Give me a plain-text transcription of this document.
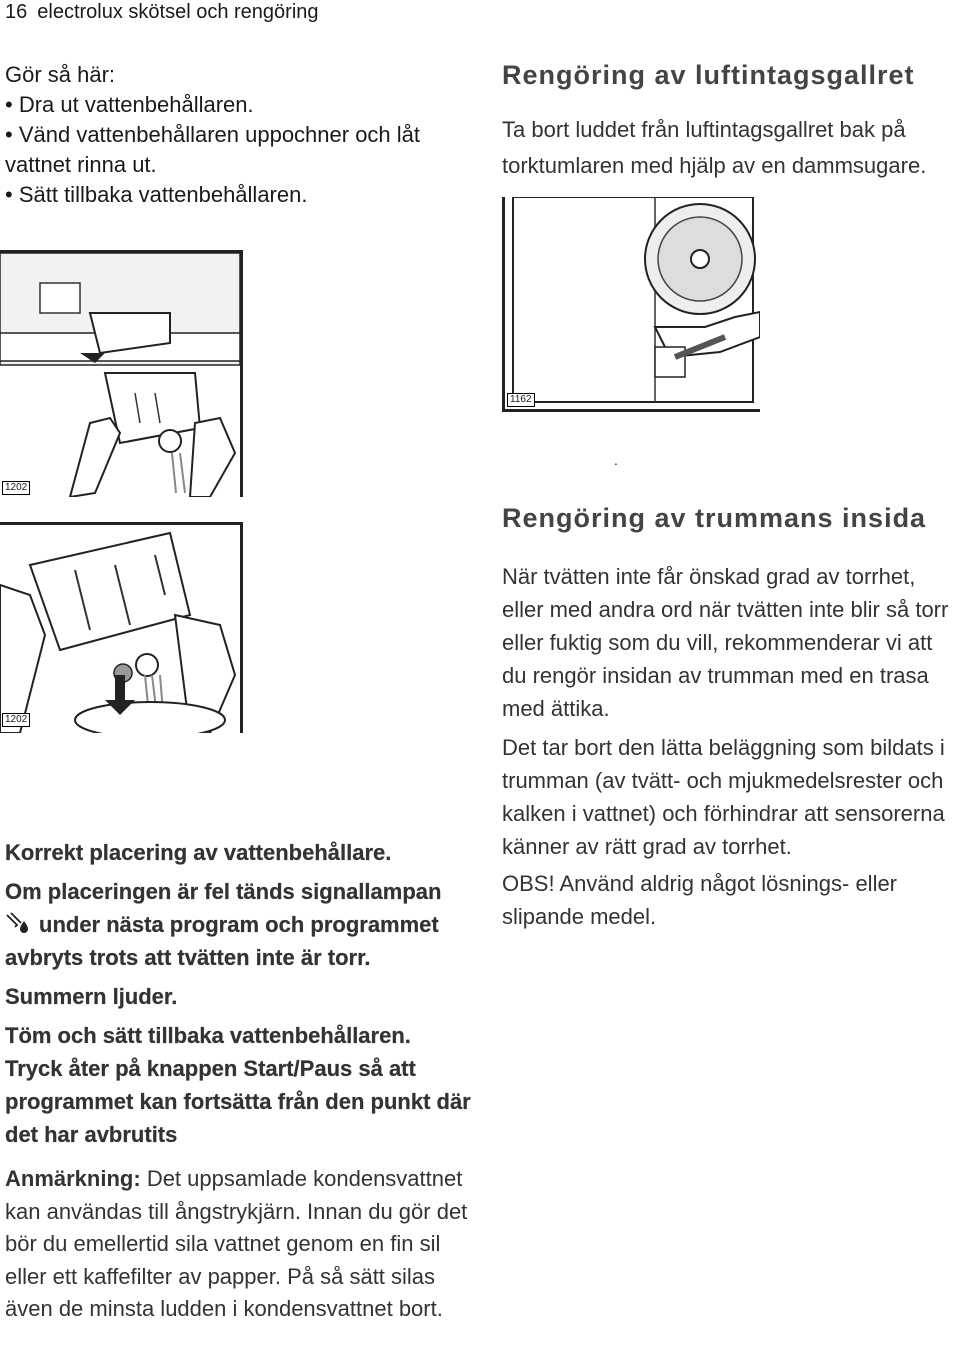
16 electrolux skötsel och rengöring

Gör så här:

• Dra ut vattenbehållaren.
• Vänd vattenbehållaren uppochner och låt vattnet rinna ut.
• Sätt tillbaka vattenbehållaren.
Rengöring av luftintagsgallret
Ta bort luddet från luftintagsgallret bak på torktumlaren med hjälp av en dammsugare.
1162
.
1202
1202
Rengöring av trummans insida

När tvätten inte får önskad grad av torrhet, eller med andra ord när tvätten inte blir så torr eller fuktig som du vill, rekommenderar vi att du rengör insidan av trumman med en trasa med ättika.

Det tar bort den lätta beläggning som bildats i trumman (av tvätt- och mjukmedelsrester och kalken i vattnet) och förhindrar att sensorerna känner av rätt grad av torrhet.

OBS! Använd aldrig något lösnings- eller slipande medel.

Korrekt placering av vattenbehållare.

Om placeringen är fel tänds signallampan

under nästa program och programmet avbryts trots att tvätten inte är torr.

Summern ljuder.

Töm och sätt tillbaka vattenbehållaren.

Tryck åter på knappen Start/Paus så att programmet kan fortsätta från den punkt där det har avbrutits

Anmärkning: Det uppsamlade kondensvattnet kan användas till ångstrykjärn. Innan du gör det bör du emellertid sila vattnet genom en fin sil eller ett kaffefilter av papper. På så sätt silas även de minsta ludden i kondensvattnet bort.
